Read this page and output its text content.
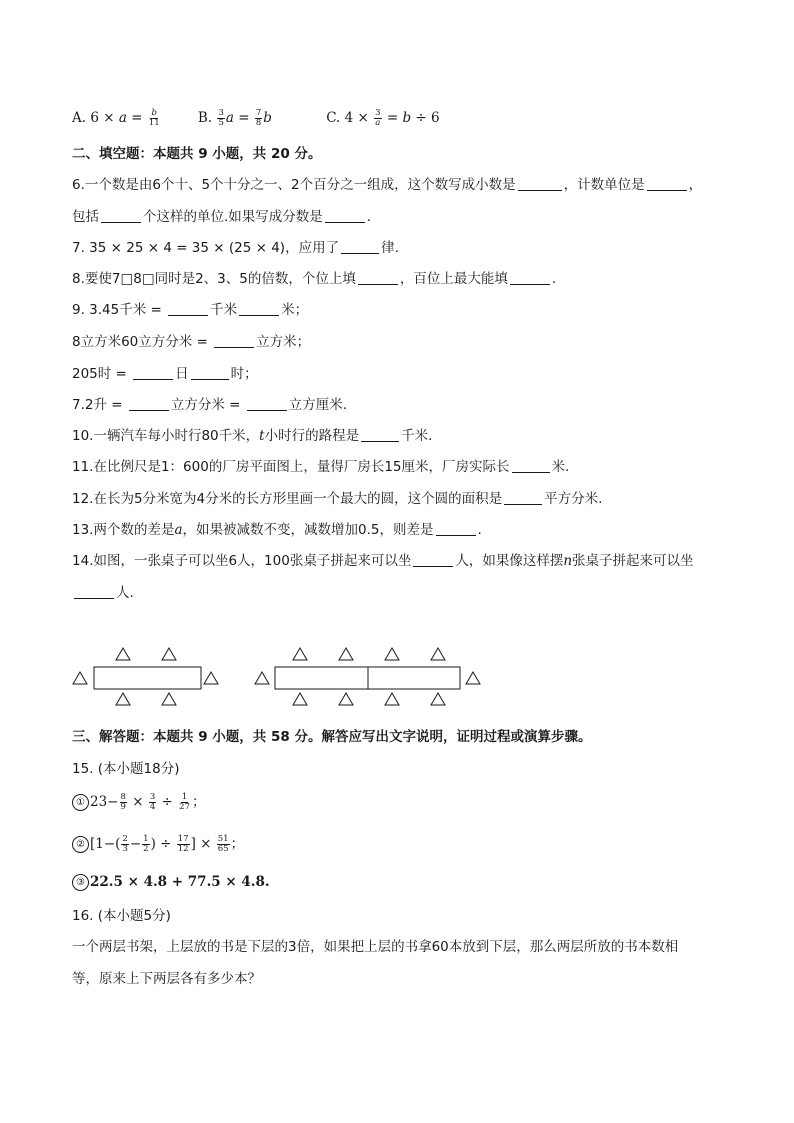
A. $6 \times a = \frac{b}{11}$	B. $\frac{3}{5}$ $a = \frac{7}{8}$ b	C. $4 \times \frac{3}{a} = b \div 6$
二、填空题：本题共 9 小题，共 20 分。
6.一个数是由6个十、5个十分之一、2个百分之一组成，这个数写成小数是	，计数单位是	，
包括	个这样的单位.如果写成分数是	.
7. 35 × 25 × 4 = 35 × (25 × 4)，应用了	律.
8.要使7□8□同时是2、3、5的倍数，个位上填	，百位上最大能填	.
9. 3.45千米 =	千米	米；
8立方米60立方分米 =	立方米；
205时 =	日	时；
7.2升 =	立方分米 =	立方厘米.
10.一辆汽车每小时行80千米，t小时行的路程是	千米.
11.在比例尺是1：600的厂房平面图上，量得厂房长15厘米，厂房实际长	米.
12.在长为5分米宽为4分米的长方形里画一个最大的圆，这个圆的面积是	平方分米.
13.两个数的差是a，如果被减数不变，减数增加0.5，则差是	.
14.如图，一张桌子可以坐6人，100张桌子拼起来可以坐	人，如果像这样摆n张桌子拼起来可以坐
人.
三、解答题：本题共 9 小题，共 58 分。解答应写出文字说明，证明过程或演算步骤。
15. (本小题18分)
① $23- \frac{8}{9} \times \frac{3}{4} \div \frac{1}{27}$ ；
② [$1-( \frac{2}{3} - \frac{1}{2}$ ) ÷ $\frac{17}{12}$ ] × $\frac{51}{65}$ ；
③ 22.5 × 4.8 + 77.5 × 4.8.
16. (本小题5分)
一个两层书架，上层放的书是下层的3倍，如果把上层的书拿60本放到下层，那么两层所放的书本数相
等，原来上下两层各有多少本？
